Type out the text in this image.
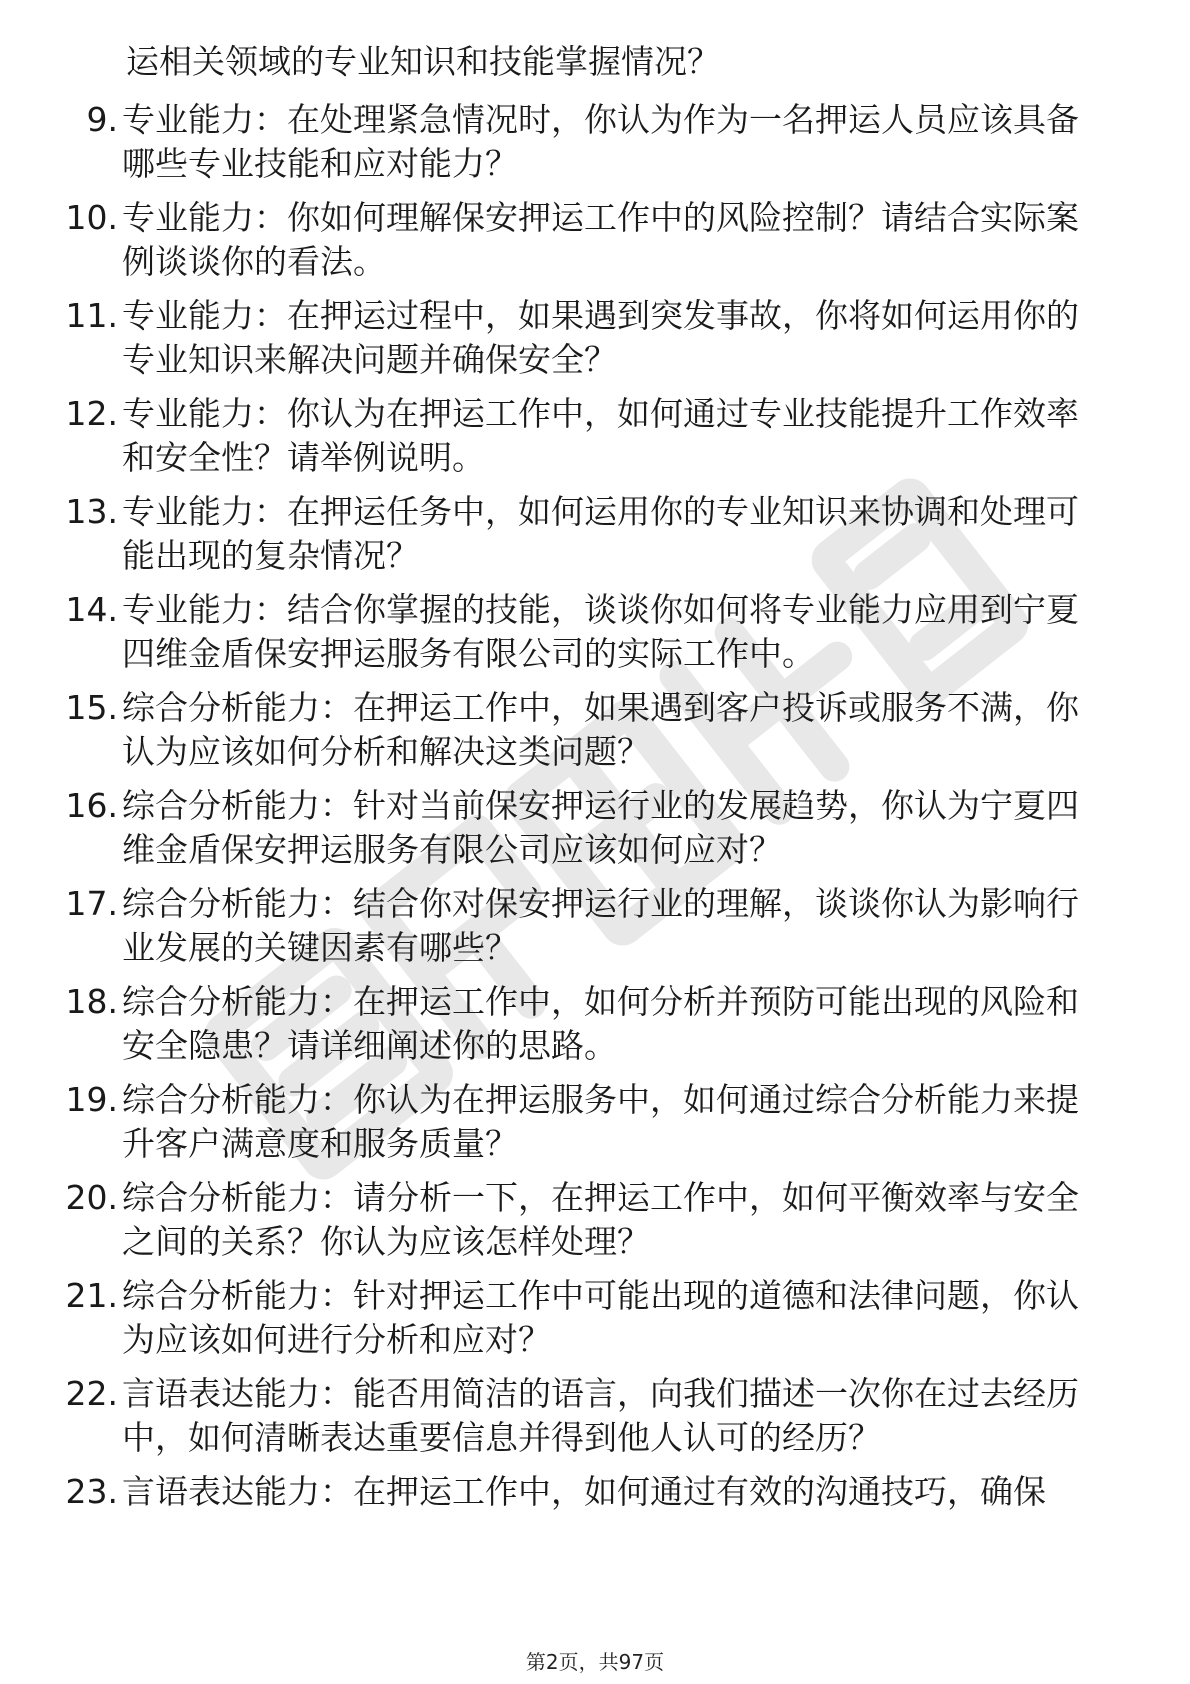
运相关领域的专业知识和技能掌握情况？
9. 专业能力：在处理紧急情况时，你认为作为一名押运人员应该具备哪些专业技能和应对能力？
10. 专业能力：你如何理解保安押运工作中的风险控制？请结合实际案例谈谈你的看法。
11. 专业能力：在押运过程中，如果遇到突发事故，你将如何运用你的专业知识来解决问题并确保安全？
12. 专业能力：你认为在押运工作中，如何通过专业技能提升工作效率和安全性？请举例说明。
13. 专业能力：在押运任务中，如何运用你的专业知识来协调和处理可能出现的复杂情况？
14. 专业能力：结合你掌握的技能，谈谈你如何将专业能力应用到宁夏四维金盾保安押运服务有限公司的实际工作中。
15. 综合分析能力：在押运工作中，如果遇到客户投诉或服务不满，你认为应该如何分析和解决这类问题？
16. 综合分析能力：针对当前保安押运行业的发展趋势，你认为宁夏四维金盾保安押运服务有限公司应该如何应对？
17. 综合分析能力：结合你对保安押运行业的理解，谈谈你认为影响行业发展的关键因素有哪些？
18. 综合分析能力：在押运工作中，如何分析并预防可能出现的风险和安全隐患？请详细阐述你的思路。
19. 综合分析能力：你认为在押运服务中，如何通过综合分析能力来提升客户满意度和服务质量？
20. 综合分析能力：请分析一下，在押运工作中，如何平衡效率与安全之间的关系？你认为应该怎样处理？
21. 综合分析能力：针对押运工作中可能出现的道德和法律问题，你认为应该如何进行分析和应对？
22. 言语表达能力：能否用简洁的语言，向我们描述一次你在过去经历中，如何清晰表达重要信息并得到他人认可的经历？
23. 言语表达能力：在押运工作中，如何通过有效的沟通技巧，确保
第2页，共97页
